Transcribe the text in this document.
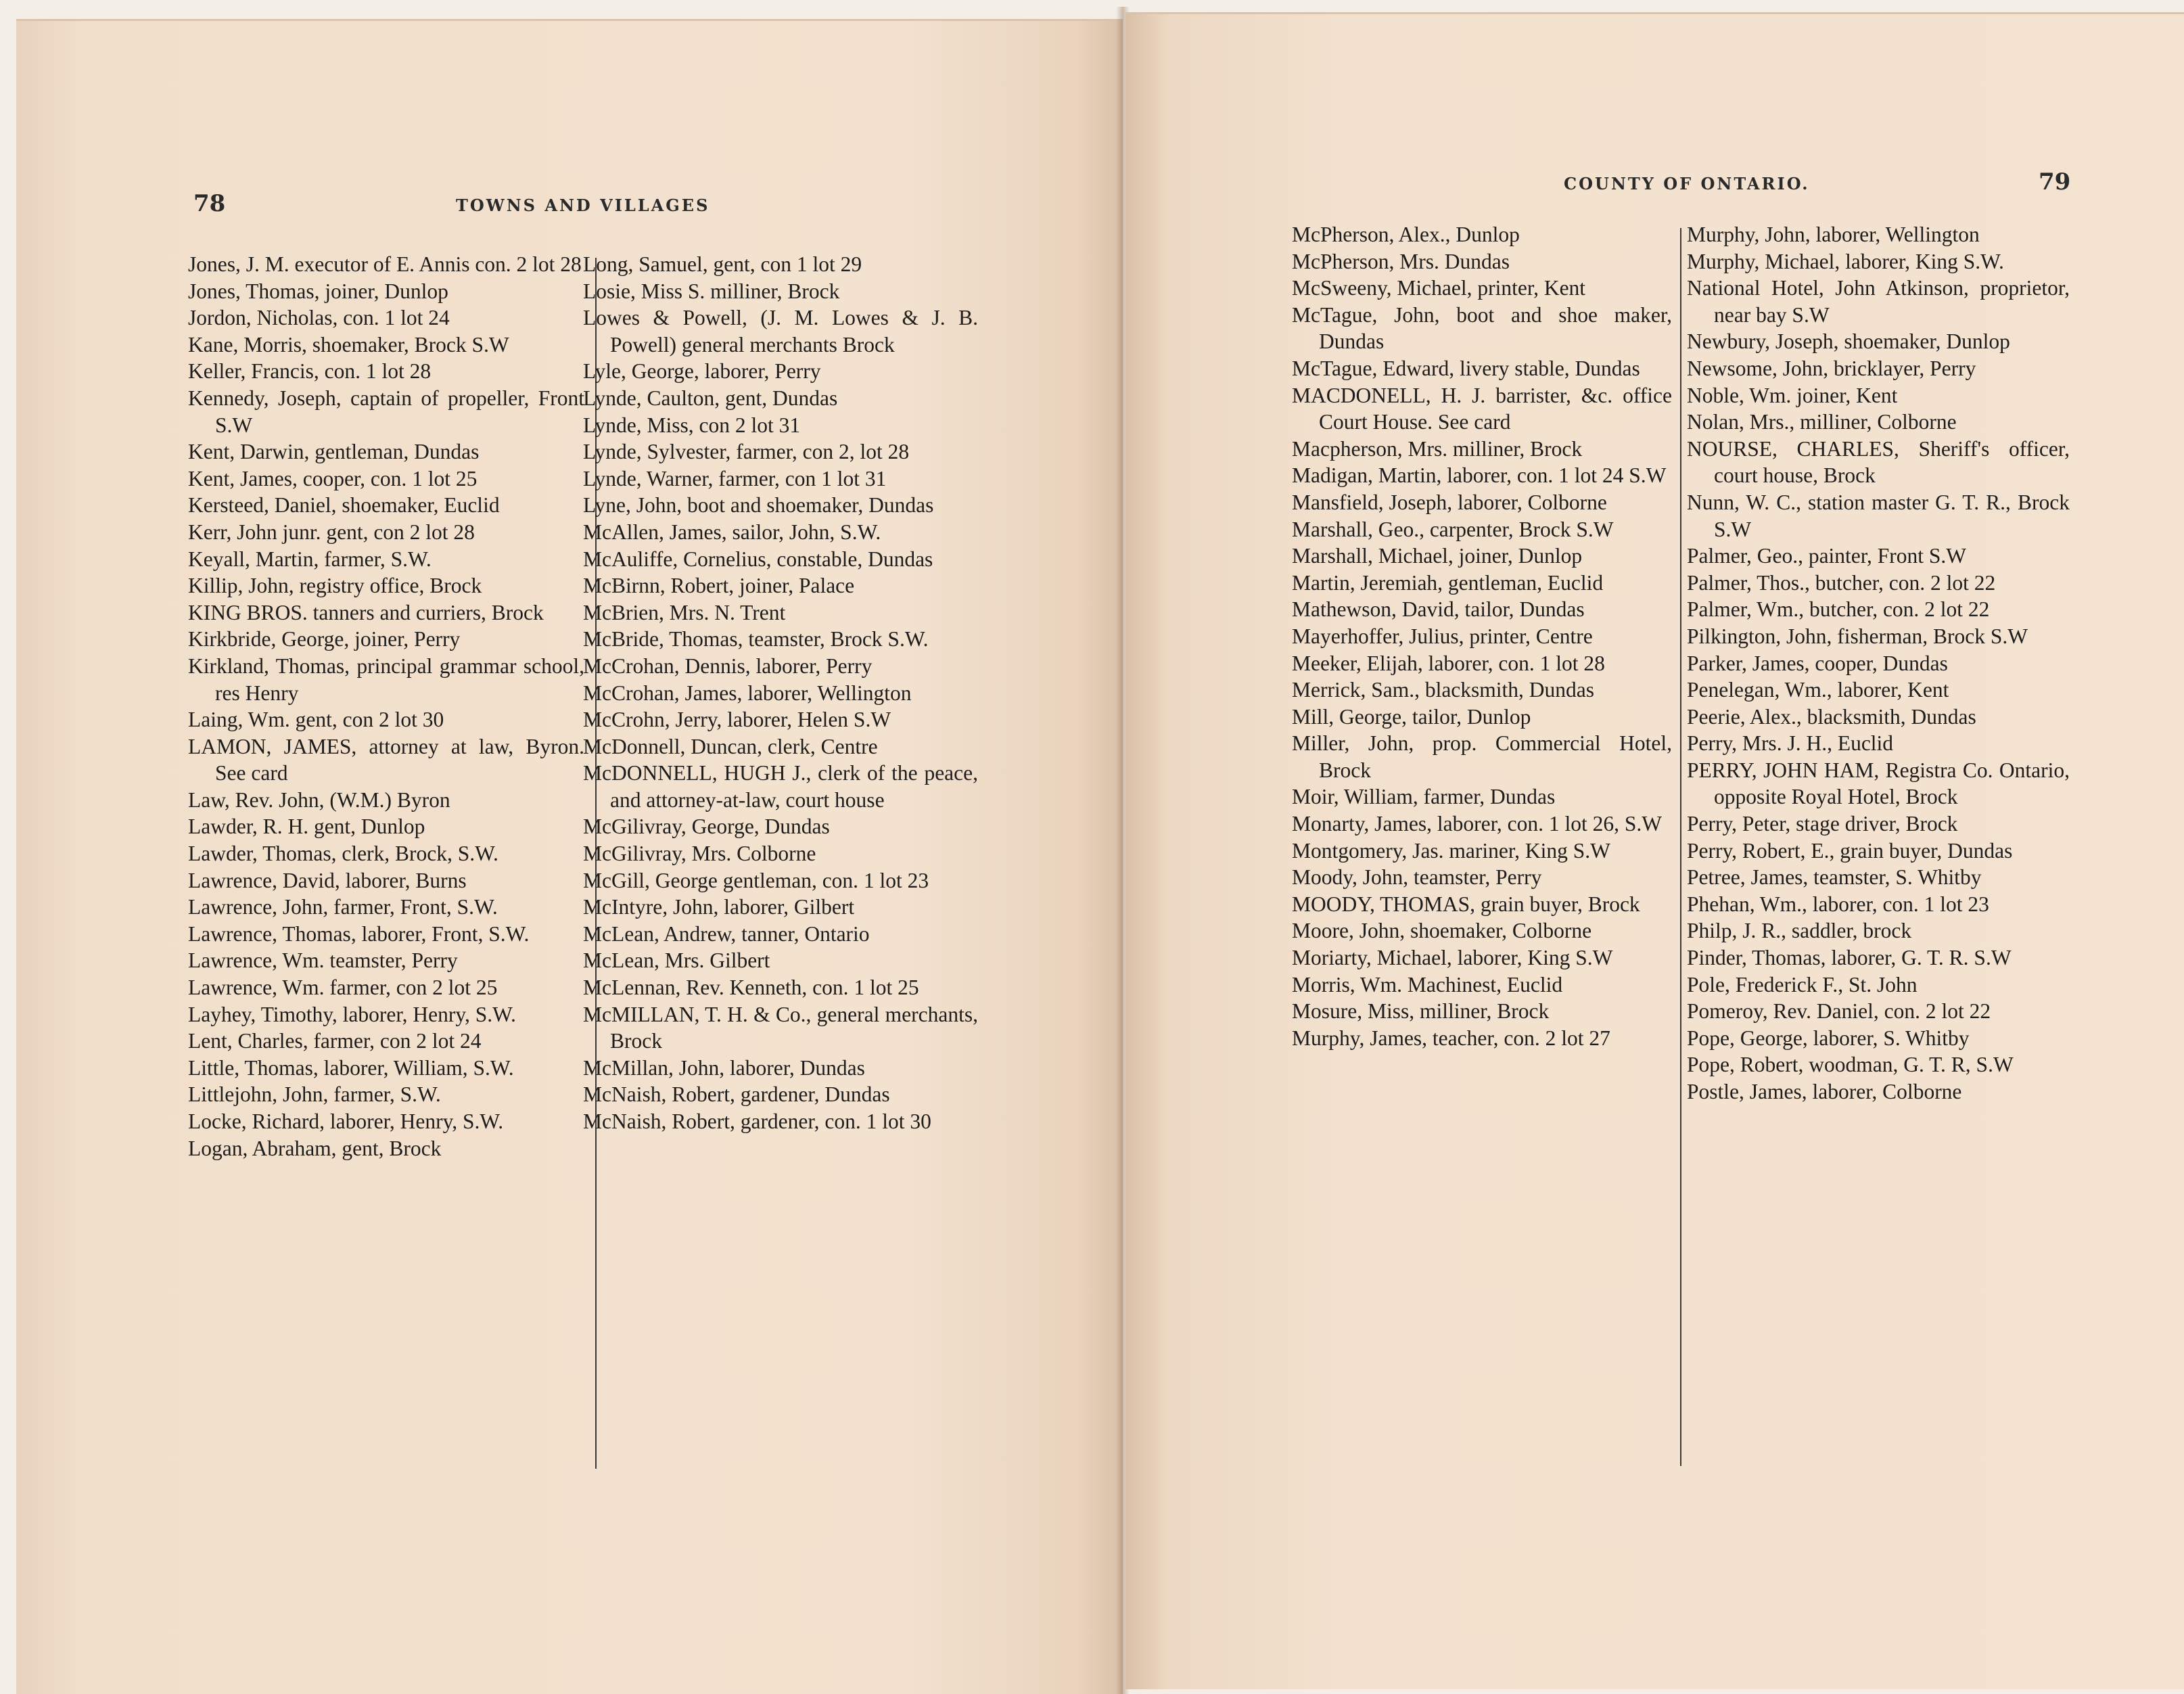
78	TOWNS AND VILLAGES

Jones, J. M. executor of E. Annis con. 2 lot 28

Jones, Thomas, joiner, Dunlop

Jordon, Nicholas, con. 1 lot 24

Kane, Morris, shoemaker, Brock S.W

Keller, Francis, con. 1 lot 28

Kennedy, Joseph, captain of propeller, Front S.W

Kent, Darwin, gentleman, Dundas

Kent, James, cooper, con. 1 lot 25

Kersteed, Daniel, shoemaker, Euclid

Kerr, John junr. gent, con 2 lot 28

Keyall, Martin, farmer, S.W.

Killip, John, registry office, Brock

KING BROS. tanners and curriers, Brock

Kirkbride, George, joiner, Perry

Kirkland, Thomas, principal grammar school, res Henry

Laing, Wm. gent, con 2 lot 30

LAMON, JAMES, attorney at law, Byron. See card

Law, Rev. John, (W.M.) Byron

Lawder, R. H. gent, Dunlop

Lawder, Thomas, clerk, Brock, S.W.

Lawrence, David, laborer, Burns

Lawrence, John, farmer, Front, S.W.

Lawrence, Thomas, laborer, Front, S.W.

Lawrence, Wm. teamster, Perry

Lawrence, Wm. farmer, con 2 lot 25

Layhey, Timothy, laborer, Henry, S.W.

Lent, Charles, farmer, con 2 lot 24

Little, Thomas, laborer, William, S.W.

Littlejohn, John, farmer, S.W.

Locke, Richard, laborer, Henry, S.W.

Logan, Abraham, gent, Brock

Long, Samuel, gent, con 1 lot 29

Losie, Miss S. milliner, Brock

Lowes & Powell, (J. M. Lowes & J. B. Powell) general merchants Brock

Lyle, George, laborer, Perry

Lynde, Caulton, gent, Dundas

Lynde, Miss, con 2 lot 31

Lynde, Sylvester, farmer, con 2, lot 28

Lynde, Warner, farmer, con 1 lot 31

Lyne, John, boot and shoemaker, Dundas

McAllen, James, sailor, John, S.W.

McAuliffe, Cornelius, constable, Dundas

McBirnn, Robert, joiner, Palace

McBrien, Mrs. N. Trent

McBride, Thomas, teamster, Brock S.W.

McCrohan, Dennis, laborer, Perry

McCrohan, James, laborer, Wellington

McCrohn, Jerry, laborer, Helen S.W

McDonnell, Duncan, clerk, Centre

McDONNELL, HUGH J., clerk of the peace, and attorney-at-law, court house

McGilivray, George, Dundas

McGilivray, Mrs. Colborne

McGill, George gentleman, con. 1 lot 23

McIntyre, John, laborer, Gilbert

McLean, Andrew, tanner, Ontario

McLean, Mrs. Gilbert

McLennan, Rev. Kenneth, con. 1 lot 25

McMILLAN, T. H. & Co., general merchants, Brock

McMillan, John, laborer, Dundas

McNaish, Robert, gardener, Dundas

McNaish, Robert, gardener, con. 1 lot 30

COUNTY OF ONTARIO.	79

McPherson, Alex., Dunlop

McPherson, Mrs. Dundas

McSweeny, Michael, printer, Kent

McTague, John, boot and shoe maker, Dundas

McTague, Edward, livery stable, Dundas

MACDONELL, H. J. barrister, &c. office Court House. See card

Macpherson, Mrs. milliner, Brock

Madigan, Martin, laborer, con. 1 lot 24 S.W

Mansfield, Joseph, laborer, Colborne

Marshall, Geo., carpenter, Brock S.W

Marshall, Michael, joiner, Dunlop

Martin, Jeremiah, gentleman, Euclid

Mathewson, David, tailor, Dundas

Mayerhoffer, Julius, printer, Centre

Meeker, Elijah, laborer, con. 1 lot 28

Merrick, Sam., blacksmith, Dundas

Mill, George, tailor, Dunlop

Miller, John, prop. Commercial Hotel, Brock

Moir, William, farmer, Dundas

Monarty, James, laborer, con. 1 lot 26, S.W

Montgomery, Jas. mariner, King S.W

Moody, John, teamster, Perry

MOODY, THOMAS, grain buyer, Brock

Moore, John, shoemaker, Colborne

Moriarty, Michael, laborer, King S.W

Morris, Wm. Machinest, Euclid

Mosure, Miss, milliner, Brock

Murphy, James, teacher, con. 2 lot 27

Murphy, John, laborer, Wellington

Murphy, Michael, laborer, King S.W.

National Hotel, John Atkinson, proprietor, near bay S.W

Newbury, Joseph, shoemaker, Dunlop

Newsome, John, bricklayer, Perry

Noble, Wm. joiner, Kent

Nolan, Mrs., milliner, Colborne

NOURSE, CHARLES, Sheriff's officer, court house, Brock

Nunn, W. C., station master G. T. R., Brock S.W

Palmer, Geo., painter, Front S.W

Palmer, Thos., butcher, con. 2 lot 22

Palmer, Wm., butcher, con. 2 lot 22

Pilkington, John, fisherman, Brock S.W

Parker, James, cooper, Dundas

Penelegan, Wm., laborer, Kent

Peerie, Alex., blacksmith, Dundas

Perry, Mrs. J. H., Euclid

PERRY, JOHN HAM, Registra Co. Ontario, opposite Royal Hotel, Brock

Perry, Peter, stage driver, Brock

Perry, Robert, E., grain buyer, Dundas

Petree, James, teamster, S. Whitby

Phehan, Wm., laborer, con. 1 lot 23

Philp, J. R., saddler, brock

Pinder, Thomas, laborer, G. T. R. S.W

Pole, Frederick F., St. John

Pomeroy, Rev. Daniel, con. 2 lot 22

Pope, George, laborer, S. Whitby

Pope, Robert, woodman, G. T. R, S.W

Postle, James, laborer, Colborne
